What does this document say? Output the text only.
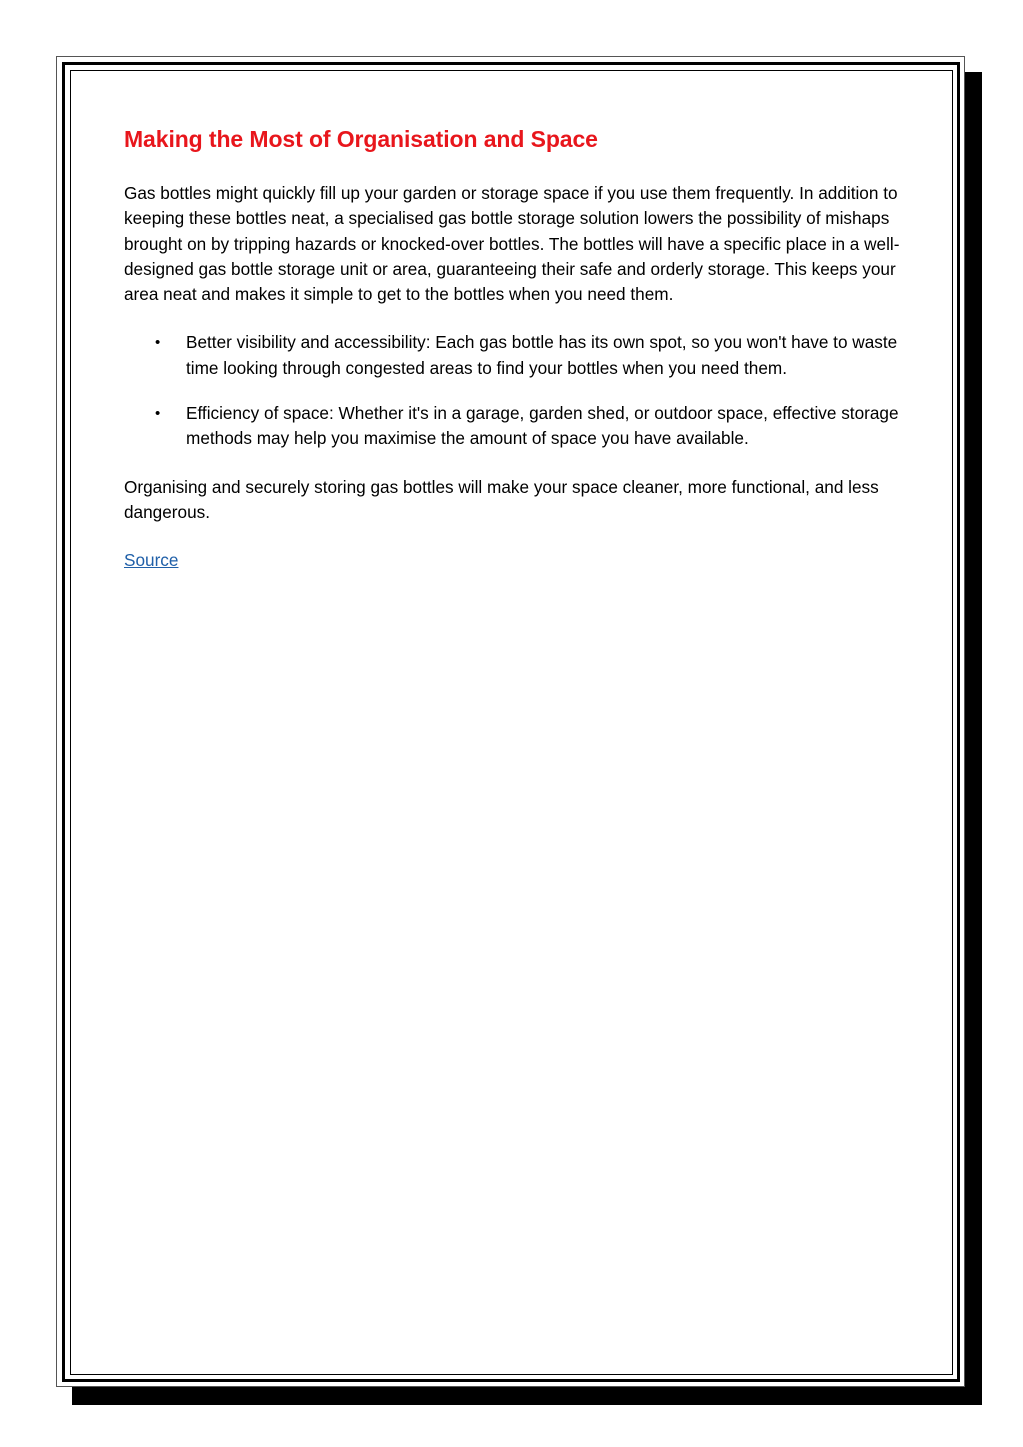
Making the Most of Organisation and Space

Gas bottles might quickly fill up your garden or storage space if you use them frequently. In addition to keeping these bottles neat, a specialised gas bottle storage solution lowers the possibility of mishaps brought on by tripping hazards or knocked-over bottles. The bottles will have a specific place in a well-designed gas bottle storage unit or area, guaranteeing their safe and orderly storage. This keeps your area neat and makes it simple to get to the bottles when you need them.

• Better visibility and accessibility: Each gas bottle has its own spot, so you won't have to waste time looking through congested areas to find your bottles when you need them.
• Efficiency of space: Whether it's in a garage, garden shed, or outdoor space, effective storage methods may help you maximise the amount of space you have available.

Organising and securely storing gas bottles will make your space cleaner, more functional, and less dangerous.

Source
